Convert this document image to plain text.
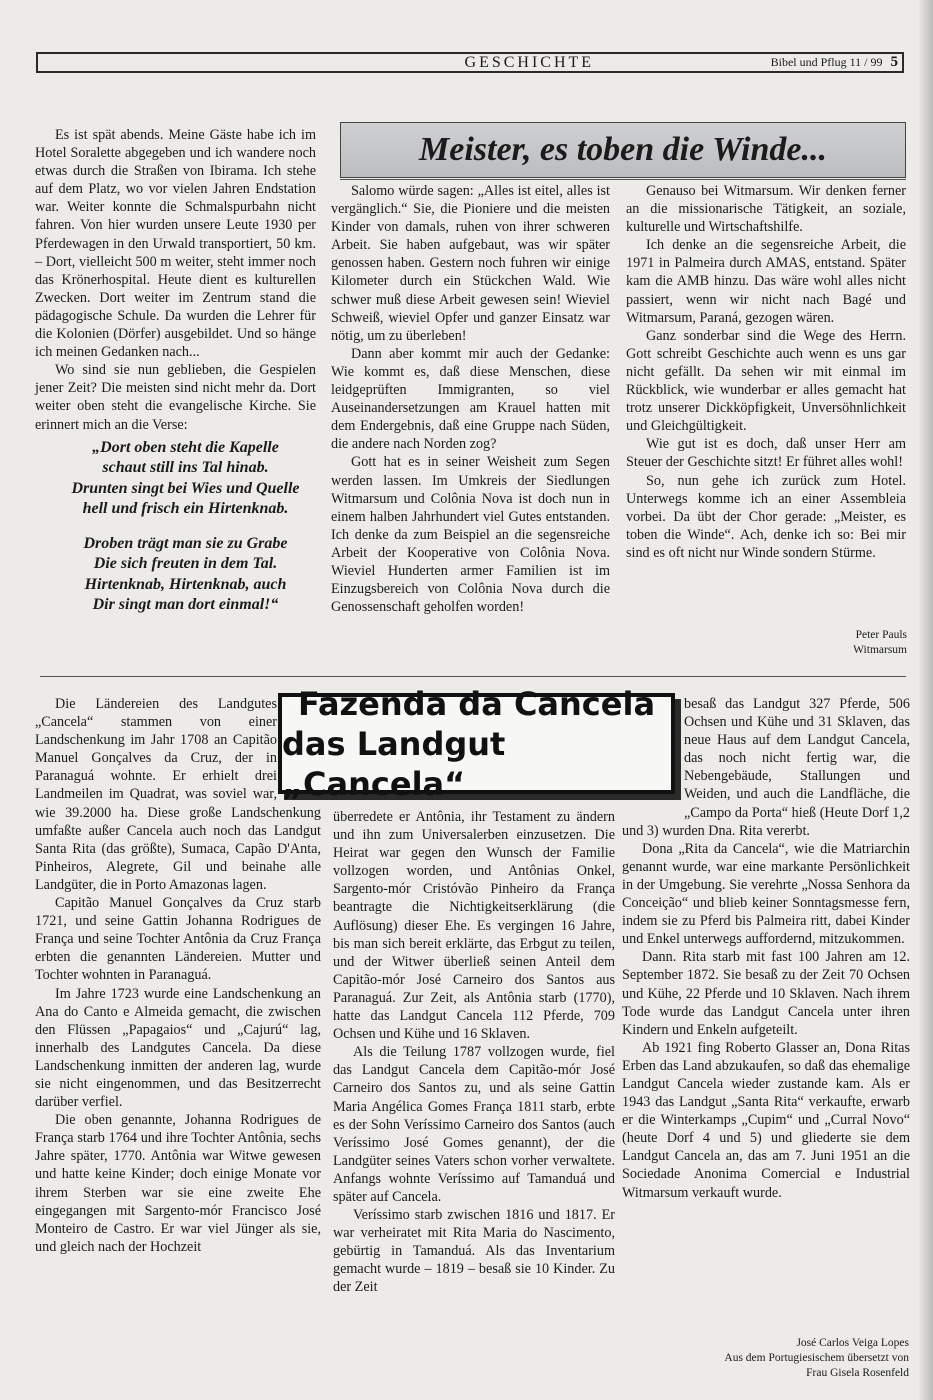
GESCHICHTE	Bibel und Pflug 11 / 99 5
Meister, es toben die Winde...

Es ist spät abends. Meine Gäste habe ich im Hotel Soralette abgegeben und ich wandere noch etwas durch die Straßen von Ibirama. Ich stehe auf dem Platz, wo vor vielen Jahren Endstation war. Weiter konnte die Schmalspurbahn nicht fahren. Von hier wurden unsere Leute 1930 per Pferdewagen in den Urwald transportiert, 50 km. – Dort, vielleicht 500 m weiter, steht immer noch das Krönerhospital. Heute dient es kulturellen Zwecken. Dort weiter im Zentrum stand die pädagogische Schule. Da wurden die Lehrer für die Kolonien (Dörfer) ausgebildet. Und so hänge ich meinen Gedanken nach...

Wo sind sie nun geblieben, die Gespielen jener Zeit? Die meisten sind nicht mehr da. Dort weiter oben steht die evangelische Kirche. Sie erinnert mich an die Verse:

„Dort oben steht die Kapelle

schaut still ins Tal hinab.

Drunten singt bei Wies und Quelle

hell und frisch ein Hirtenknab.

Droben trägt man sie zu Grabe

Die sich freuten in dem Tal.

Hirtenknab, Hirtenknab, auch

Dir singt man dort einmal!“

Salomo würde sagen: „Alles ist eitel, alles ist vergänglich.“ Sie, die Pioniere und die meisten Kinder von damals, ruhen von ihrer schweren Arbeit. Sie haben aufgebaut, was wir später genossen haben. Gestern noch fuhren wir einige Kilometer durch ein Stückchen Wald. Wie schwer muß diese Arbeit gewesen sein! Wieviel Schweiß, wieviel Opfer und ganzer Einsatz war nötig, um zu überleben!

Dann aber kommt mir auch der Gedanke: Wie kommt es, daß diese Menschen, diese leidgeprüften Immigranten, so viel Auseinandersetzungen am Krauel hatten mit dem Endergebnis, daß eine Gruppe nach Süden, die andere nach Norden zog?

Gott hat es in seiner Weisheit zum Segen werden lassen. Im Umkreis der Siedlungen Witmarsum und Colônia Nova ist doch nun in einem halben Jahrhundert viel Gutes entstanden. Ich denke da zum Beispiel an die segensreiche Arbeit der Kooperative von Colônia Nova. Wieviel Hunderten armer Familien ist im Einzugsbereich von Colônia Nova durch die Genossenschaft geholfen worden!

Genauso bei Witmarsum. Wir denken ferner an die missionarische Tätigkeit, an soziale, kulturelle und Wirtschaftshilfe.

Ich denke an die segensreiche Arbeit, die 1971 in Palmeira durch AMAS, entstand. Später kam die AMB hinzu. Das wäre wohl alles nicht passiert, wenn wir nicht nach Bagé und Witmarsum, Paraná, gezogen wären.

Ganz sonderbar sind die Wege des Herrn. Gott schreibt Geschichte auch wenn es uns gar nicht gefällt. Da sehen wir mit einmal im Rückblick, wie wunderbar er alles gemacht hat trotz unserer Dickköpfigkeit, Unversöhnlichkeit und Gleichgültigkeit.

Wie gut ist es doch, daß unser Herr am Steuer der Geschichte sitzt! Er führet alles wohl!

So, nun gehe ich zurück zum Hotel. Unterwegs komme ich an einer Assembleia vorbei. Da übt der Chor gerade: „Meister, es toben die Winde“. Ach, denke ich so: Bei mir sind es oft nicht nur Winde sondern Stürme.

Peter Pauls
Witmarsum
Fazenda da Cancela
das Landgut „Cancela“

Die Ländereien des Landgutes „Cancela“ stammen von einer Landschenkung im Jahr 1708 an Capitão Manuel Gonçalves da Cruz, der in Paranaguá wohnte. Er erhielt drei Landmeilen im Quadrat, was soviel war, wie 39.2000 ha. Diese große Landschenkung umfaßte außer Cancela auch noch das Landgut Santa Rita (das größte), Sumaca, Capão D'Anta, Pinheiros, Alegrete, Gil und beinahe alle Landgüter, die in Porto Amazonas lagen.

Capitão Manuel Gonçalves da Cruz starb 1721, und seine Gattin Johanna Rodrigues de França und seine Tochter Antônia da Cruz França erbten die genannten Ländereien. Mutter und Tochter wohnten in Paranaguá.

Im Jahre 1723 wurde eine Landschenkung an Ana do Canto e Almeida gemacht, die zwischen den Flüssen „Papagaios“ und „Cajurú“ lag, innerhalb des Landgutes Cancela. Da diese Landschenkung inmitten der anderen lag, wurde sie nicht eingenommen, und das Besitzerrecht darüber verfiel.

Die oben genannte, Johanna Rodrigues de França starb 1764 und ihre Tochter Antônia, sechs Jahre später, 1770. Antônia war Witwe gewesen und hatte keine Kinder; doch einige Monate vor ihrem Sterben war sie eine zweite Ehe eingegangen mit Sargento-mór Francisco José Monteiro de Castro. Er war viel Jünger als sie, und gleich nach der Hochzeit

überredete er Antônia, ihr Testament zu ändern und ihn zum Universalerben einzusetzen. Die Heirat war gegen den Wunsch der Familie vollzogen worden, und Antônias Onkel, Sargento-mór Cristóvão Pinheiro da França beantragte die Nichtigkeitserklärung (die Auflösung) dieser Ehe. Es vergingen 16 Jahre, bis man sich bereit erklärte, das Erbgut zu teilen, und der Witwer überließ seinen Anteil dem Capitão-mór José Carneiro dos Santos aus Paranaguá. Zur Zeit, als Antônia starb (1770), hatte das Landgut Cancela 112 Pferde, 709 Ochsen und Kühe und 16 Sklaven.

Als die Teilung 1787 vollzogen wurde, fiel das Landgut Cancela dem Capitão-mór José Carneiro dos Santos zu, und als seine Gattin Maria Angélica Gomes França 1811 starb, erbte es der Sohn Veríssimo Carneiro dos Santos (auch Veríssimo José Gomes genannt), der die Landgüter seines Vaters schon vorher verwaltete. Anfangs wohnte Veríssimo auf Tamanduá und später auf Cancela.

Veríssimo starb zwischen 1816 und 1817. Er war verheiratet mit Rita Maria do Nascimento, gebürtig in Tamanduá. Als das Inventarium gemacht wurde – 1819 – besaß sie 10 Kinder. Zu der Zeit

besaß das Landgut 327 Pferde, 506 Ochsen und Kühe und 31 Sklaven, das neue Haus auf dem Landgut Cancela, das noch nicht fertig war, die Nebengebäude, Stallungen und Weiden, und auch die Landfläche, die „Campo da Porta“ hieß (Heute Dorf 1,2 und 3) wurden Dna. Rita vererbt.

Dona „Rita da Cancela“, wie die Matriarchin genannt wurde, war eine markante Persönlichkeit in der Umgebung. Sie verehrte „Nossa Senhora da Conceição“ und blieb keiner Sonntagsmesse fern, indem sie zu Pferd bis Palmeira ritt, dabei Kinder und Enkel unterwegs auffordernd, mitzukommen.

Dann. Rita starb mit fast 100 Jahren am 12. September 1872. Sie besaß zu der Zeit 70 Ochsen und Kühe, 22 Pferde und 10 Sklaven. Nach ihrem Tode wurde das Landgut Cancela unter ihren Kindern und Enkeln aufgeteilt.

Ab 1921 fing Roberto Glasser an, Dona Ritas Erben das Land abzukaufen, so daß das ehemalige Landgut Cancela wieder zustande kam. Als er 1943 das Landgut „Santa Rita“ verkaufte, erwarb er die Winterkamps „Cupim“ und „Curral Novo“ (heute Dorf 4 und 5) und gliederte sie dem Landgut Cancela an, das am 7. Juni 1951 an die Sociedade Anonima Comercial e Industrial Witmarsum verkauft wurde.

José Carlos Veiga Lopes
Aus dem Portugiesischem übersetzt von
Frau Gisela Rosenfeld
